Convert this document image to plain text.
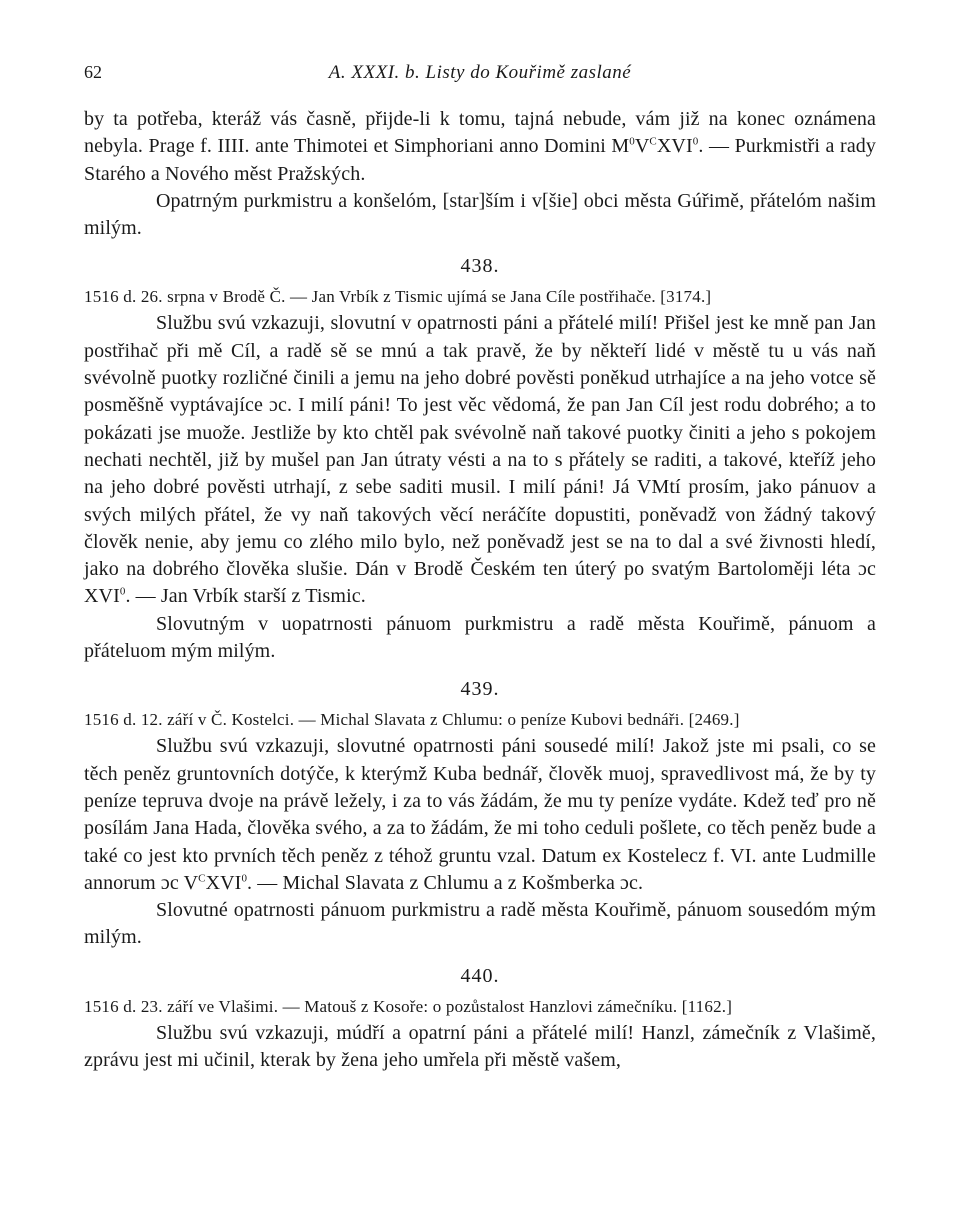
62	A. XXXI. b. Listy do Kouřimě zaslané

by ta potřeba, kteráž vás časně, přijde-li k tomu, tajná nebude, vám již na konec oznámena nebyla. Prage f. IIII. ante Thimotei et Simphoriani anno Domini $M^0V^CXVI^0$. — Purkmistři a rady Starého a Nového měst Pražských.

Opatrným purkmistru a konšelóm, [star]ším i v[šie] obci města Gúřimě, přátelóm našim milým.

438.

1516 d. 26. srpna v Brodě Č. — Jan Vrbík z Tismic ujímá se Jana Cíle postřihače. [3174.]

Službu svú vzkazuji, slovutní v opatrnosti páni a přátelé milí! Přišel jest ke mně pan Jan postřihač při mě Cíl, a radě sě se mnú a tak pravě, že by někteří lidé v městě tu u vás naň svévolně puotky rozličné činili a jemu na jeho dobré pověsti poněkud utrhajíce a na jeho votce sě posměšně vyptávajíce ɔc. I milí páni! To jest věc vědomá, že pan Jan Cíl jest rodu dobrého; a to pokázati jse muože. Jestliže by kto chtěl pak svévolně naň takové puotky činiti a jeho s pokojem nechati nechtěl, již by mušel pan Jan útraty vésti a na to s přátely se raditi, a takové, kteříž jeho na jeho dobré pověsti utrhají, z sebe saditi musil. I milí páni! Já VMtí prosím, jako pánuov a svých milých přátel, že vy naň takových věcí neráčíte dopustiti, poněvadž von žádný takový člověk nenie, aby jemu co zlého milo bylo, než poněvadž jest se na to dal a své živnosti hledí, jako na dobrého člověka slušie. Dán v Brodě Českém ten úterý po svatým Bartoloměji léta ɔc XVI$^0$. — Jan Vrbík starší z Tismic.

Slovutným v uopatrnosti pánuom purkmistru a radě města Kouřimě, pánuom a přáteluom mým milým.

439.

1516 d. 12. září v Č. Kostelci. — Michal Slavata z Chlumu: o peníze Kubovi bednáři. [2469.]

Službu svú vzkazuji, slovutné opatrnosti páni sousedé milí! Jakož jste mi psali, co se těch peněz gruntovních dotýče, k kterýmž Kuba bednář, člověk muoj, spravedlivost má, že by ty peníze tepruva dvoje na právě ležely, i za to vás žádám, že mu ty peníze vydáte. Kdež teď pro ně posílám Jana Hada, člověka svého, a za to žádám, že mi toho ceduli pošlete, co těch peněz bude a také co jest kto prvních těch peněz z téhož gruntu vzal. Datum ex Kostelecz f. VI. ante Ludmille annorum ɔc $V^CXVI^0$. — Michal Slavata z Chlumu a z Košmberka ɔc.

Slovutné opatrnosti pánuom purkmistru a radě města Kouřimě, pánuom sousedóm mým milým.

440.

1516 d. 23. září ve Vlašimi. — Matouš z Kosoře: o pozůstalost Hanzlovi zámečníku. [1162.]

Službu svú vzkazuji, múdří a opatrní páni a přátelé milí! Hanzl, zámečník z Vlašimě, zprávu jest mi učinil, kterak by žena jeho umřela při městě vašem,
